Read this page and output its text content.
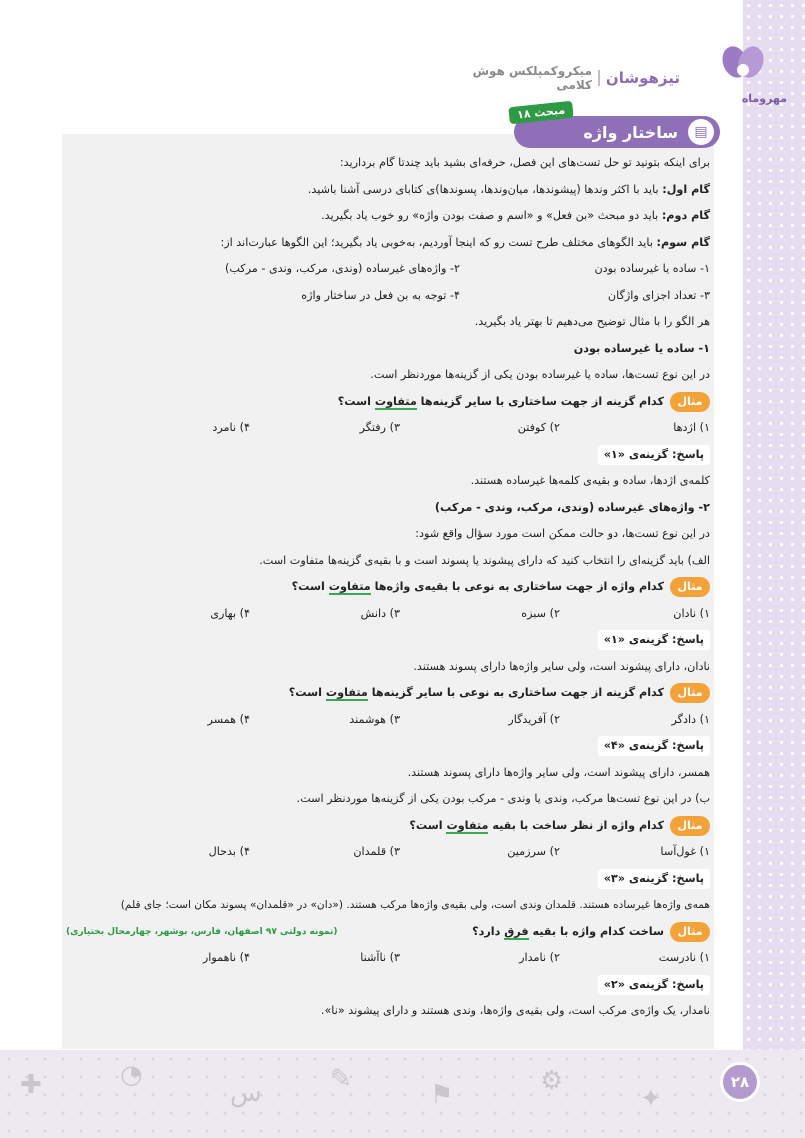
✚	◔
س	✎
⚑	⚙
✦
مهروماه
تیزهوشان
میکروکمپلکس هوش کلامی
▤
ساختار واژه
مبحث ۱۸
برای اینکه بتونید تو حل تست‌های این فصل، حرفه‌ای بشید باید چندتا گام بردارید:
گام اول: باید با اکثر وندها (پیشوندها، میان‌وندها، پسوندها)ی کتابای درسی آشنا باشید.
گام دوم: باید دو مبحث «بن فعل» و «اسم و صفت بودن واژه» رو خوب یاد بگیرید.
گام سوم: باید الگوهای مختلف طرح تست رو که اینجا آوردیم، به‌خوبی یاد بگیرید؛ این الگوها عبارت‌اند از:
۱- ساده یا غیرساده بودن
۲- واژه‌های غیرساده (وندی، مرکب، وندی - مرکب)
۳- تعداد اجزای واژگان
۴- توجه به بن فعل در ساختار واژه
هر الگو را با مثال توضیح می‌دهیم تا بهتر یاد بگیرید.
۱- ساده یا غیرساده بودن
در این نوع تست‌ها، ساده یا غیرساده بودن یکی از گزینه‌ها موردنظر است.
مثال
کدام گزینه از جهت ساختاری با سایر گزینه‌ها متفاوت است؟
۱) اژدها
۲) کوفتن
۳) رفتگر
۴) نامرد
پاسخ: گزینه‌ی «۱»
کلمه‌ی اژدها، ساده و بقیه‌ی کلمه‌ها غیرساده هستند.
۲- واژه‌های غیرساده (وندی، مرکب، وندی - مرکب)
در این نوع تست‌ها، دو حالت ممکن است مورد سؤال واقع شود:
الف) باید گزینه‌ای را انتخاب کنید که دارای پیشوند یا پسوند است و با بقیه‌ی گزینه‌ها متفاوت است.
مثال
کدام واژه از جهت ساختاری به نوعی با بقیه‌ی واژه‌ها متفاوت است؟
۱) نادان
۲) سبزه
۳) دانش
۴) بهاری
پاسخ: گزینه‌ی «۱»
نادان، دارای پیشوند است، ولی سایر واژه‌ها دارای پسوند هستند.
مثال
کدام گزینه از جهت ساختاری به نوعی با سایر گزینه‌ها متفاوت است؟
۱) دادگر
۲) آفریدگار
۳) هوشمند
۴) همسر
پاسخ: گزینه‌ی «۴»
همسر، دارای پیشوند است، ولی سایر واژه‌ها دارای پسوند هستند.
ب) در این نوع تست‌ها مرکب، وندی یا وندی - مرکب بودن یکی از گزینه‌ها موردنظر است.
مثال
کدام واژه از نظر ساخت با بقیه متفاوت است؟
۱) غول‌آسا
۲) سرزمین
۳) قلمدان
۴) بدحال
پاسخ: گزینه‌ی «۳»
همه‌ی واژه‌ها غیرساده هستند. قلمدان وندی است، ولی بقیه‌ی واژه‌ها مرکب هستند. («دان» در «قلمدان» پسوند مکان است؛ جای قلم)
مثال
ساخت کدام واژه با بقیه فرق دارد؟
(نمونه دولتی ۹۷ اصفهان، فارس، بوشهر، چهارمحال بختیاری)
۱) نادرست
۲) نامدار
۳) ناآشنا
۴) ناهموار
پاسخ: گزینه‌ی «۲»
نامدار، یک واژه‌ی مرکب است، ولی بقیه‌ی واژه‌ها، وندی هستند و دارای پیشوند «نا».
۲۸
